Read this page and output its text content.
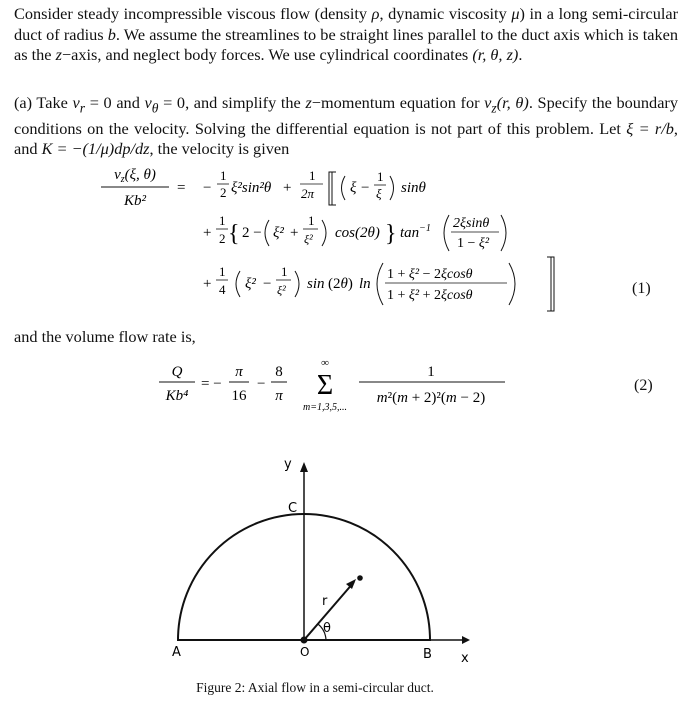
Consider steady incompressible viscous flow (density ρ, dynamic viscosity μ) in a long semi-circular duct of radius b. We assume the streamlines to be straight lines parallel to the duct axis which is taken as the z−axis, and neglect body forces. We use cylindrical coordinates (r, θ, z).
(a) Take $v_r = 0$ and $v_\theta = 0$, and simplify the z−momentum equation for $v_z(r$, θ). Specify the boundary conditions on the velocity. Solving the differential equation is not part of this problem. Let ξ = r/b, and K = −(1/μ)dp/dz, the velocity is given
$v_z(\xi$, θ)
Kb²
= −
1
2 ξ²sin²θ +
1
2π ξ −
1
ξ sinθ
+
1
2 { 2 − ξ² +
1
ξ² cos(2θ) } $\tan^{-1} 2\xi\sin\theta$
1 − ξ²
+
1
4 ξ² −
1
ξ² sin (2θ) ln
1 + ξ² − 2ξcosθ
1 + ξ² + 2ξcosθ	(1)
and the volume flow rate is,
Q
Kb⁴
= −
π
16
−
8
π
∞
Σ
m=1,3,5,...
1
m²(m + 2)²(m − 2)
(2)
y
C
r
θ
A	O	B x
Figure 2: Axial flow in a semi-circular duct.
